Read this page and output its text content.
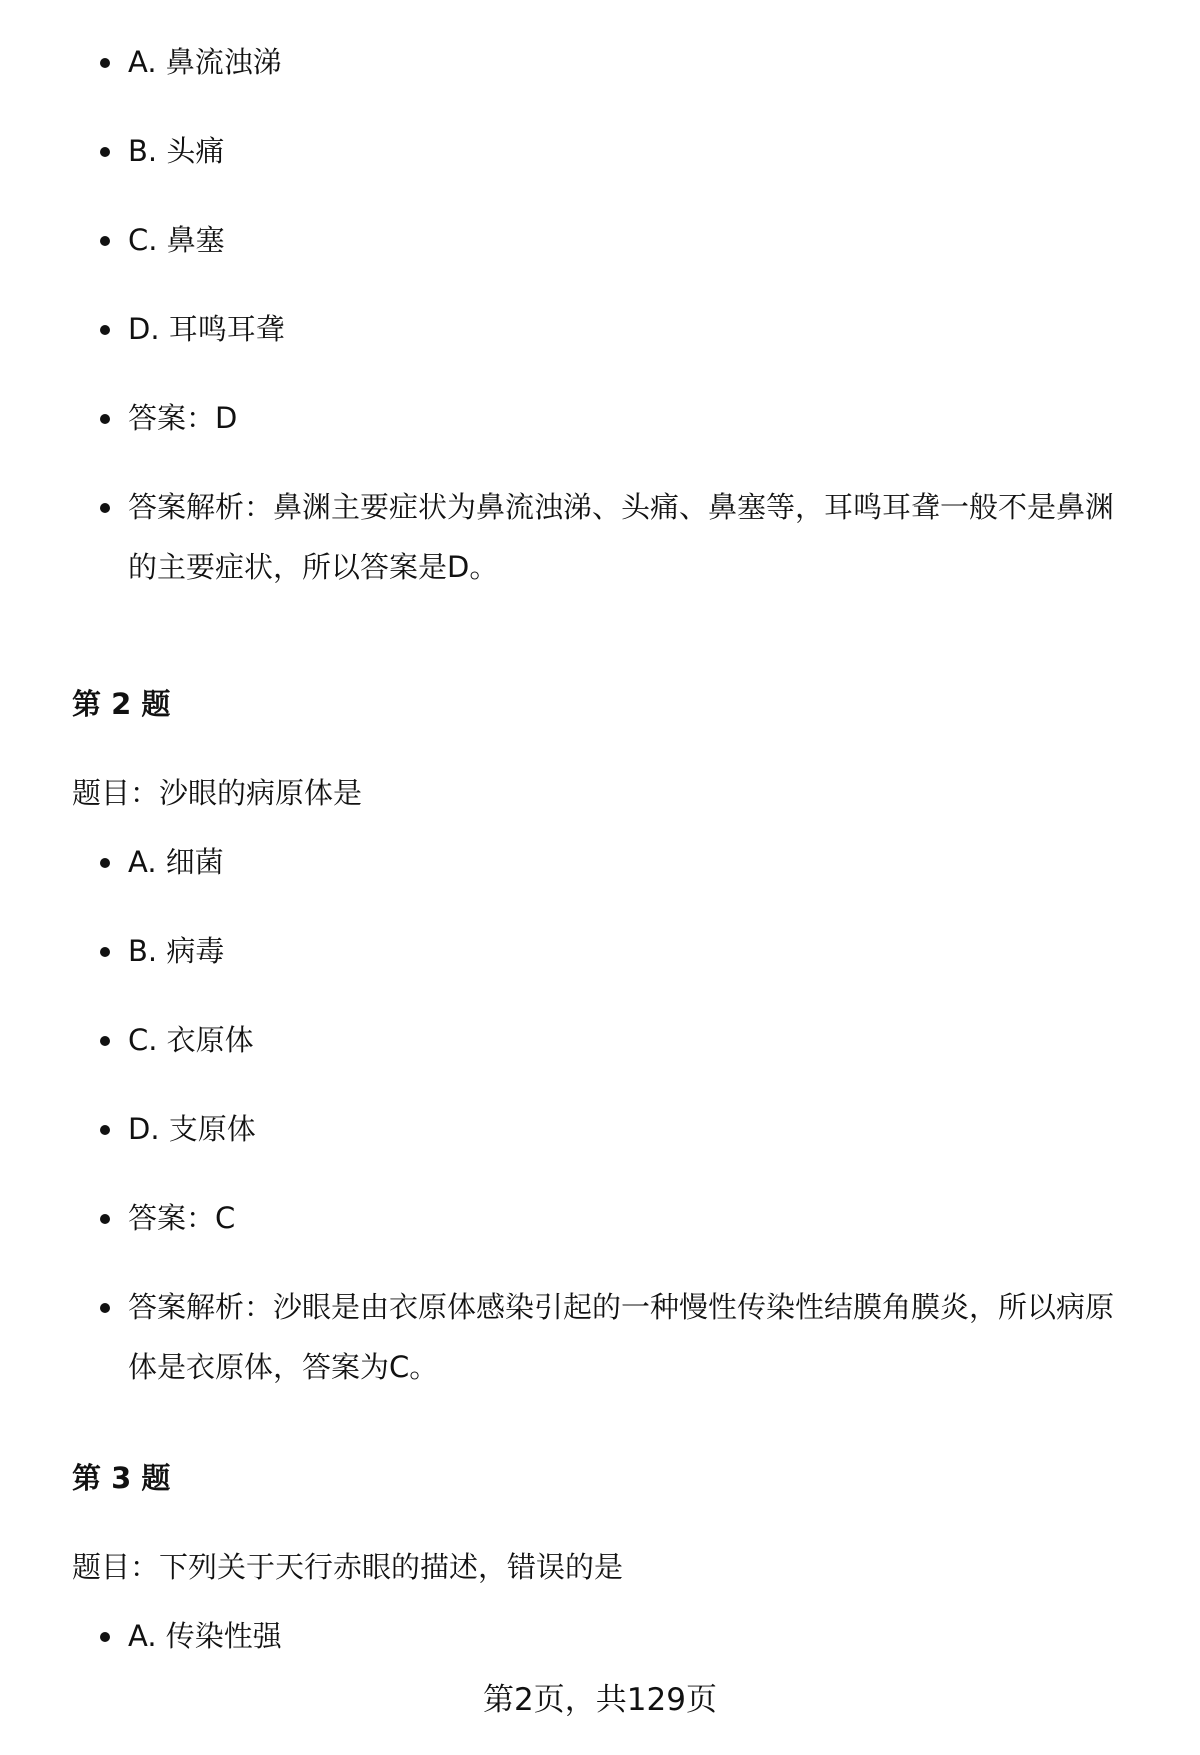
A. 鼻流浊涕
B. 头痛
C. 鼻塞
D. 耳鸣耳聋
答案：D
答案解析：鼻渊主要症状为鼻流浊涕、头痛、鼻塞等，耳鸣耳聋一般不是鼻渊
的主要症状，所以答案是D。
第 2 题
题目：沙眼的病原体是
A. 细菌
B. 病毒
C. 衣原体
D. 支原体
答案：C
答案解析：沙眼是由衣原体感染引起的一种慢性传染性结膜角膜炎，所以病原
体是衣原体，答案为C。
第 3 题
题目：下列关于天行赤眼的描述，错误的是
A. 传染性强
第2页，共129页
